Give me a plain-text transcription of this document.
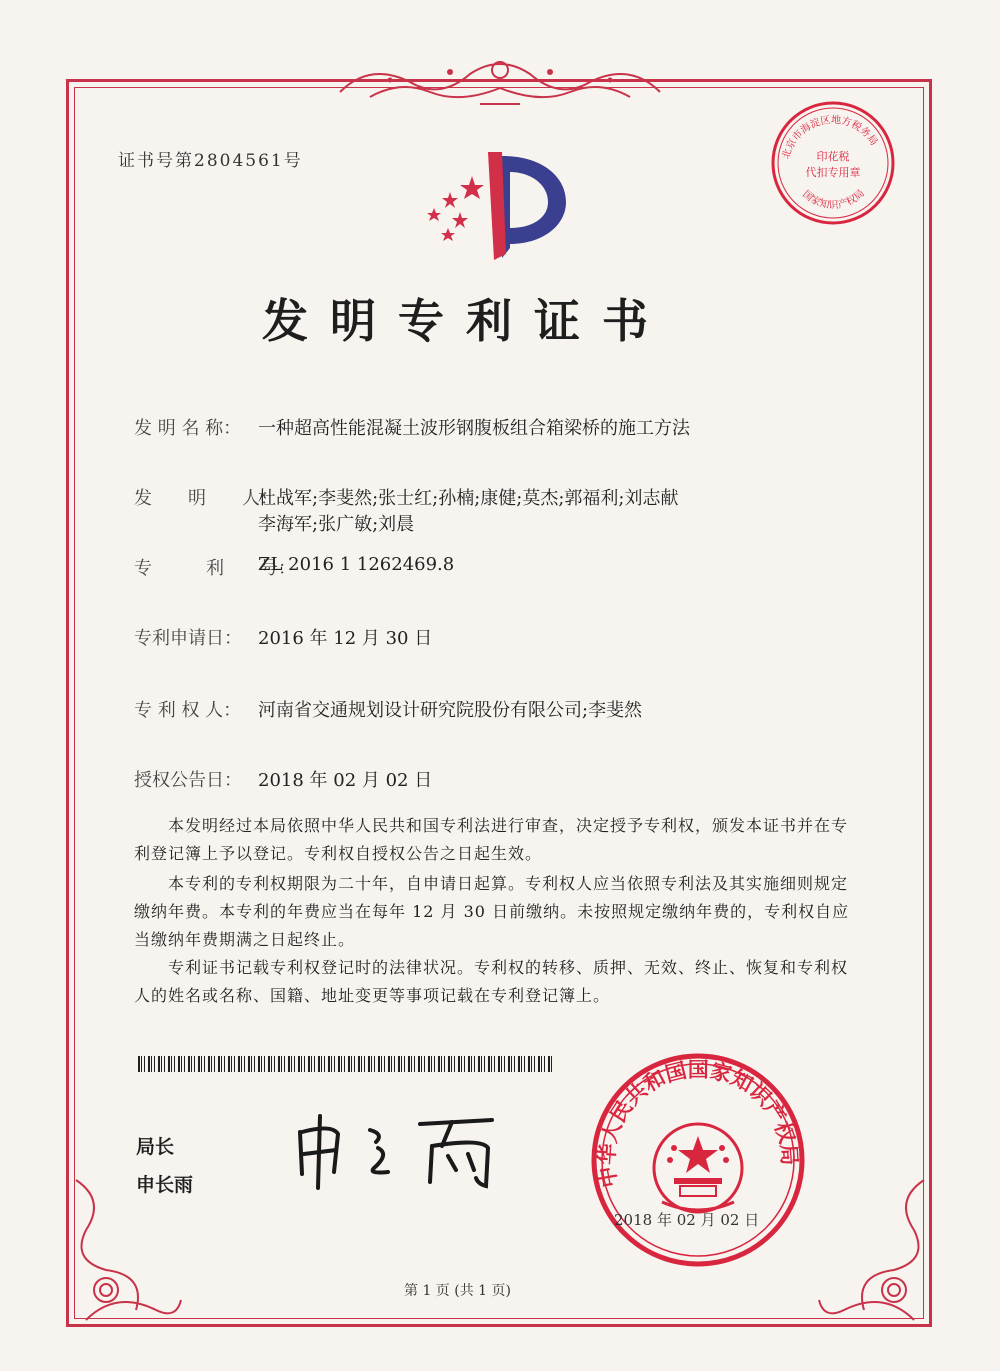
证书号第2804561号	北京市海淀区地方税务局
国家知识产权局
印花税
代扣专用章
发明专利证书
发 明 名 称： 一种超高性能混凝土波形钢腹板组合箱梁桥的施工方法
发　　明　　人：
杜战军;李斐然;张士红;孙楠;康健;莫杰;郭福利;刘志献
李海军;张广敏;刘晨
专　　　利　　号：
ZL 2016 1 1262469.8
专利申请日： 2016 年 12 月 30 日
专 利 权 人： 河南省交通规划设计研究院股份有限公司;李斐然
授权公告日： 2018 年 02 月 02 日
本发明经过本局依照中华人民共和国专利法进行审查，决定授予专利权，颁发本证书并在专利登记簿上予以登记。专利权自授权公告之日起生效。
本专利的专利权期限为二十年，自申请日起算。专利权人应当依照专利法及其实施细则规定缴纳年费。本专利的年费应当在每年 12 月 30 日前缴纳。未按照规定缴纳年费的，专利权自应当缴纳年费期满之日起终止。
专利证书记载专利权登记时的法律状况。专利权的转移、质押、无效、终止、恢复和专利权人的姓名或名称、国籍、地址变更等事项记载在专利登记簿上。
局长
申长雨	中华人民共和国国家知识产权局
2018 年 02 月 02 日
第 1 页 (共 1 页)
